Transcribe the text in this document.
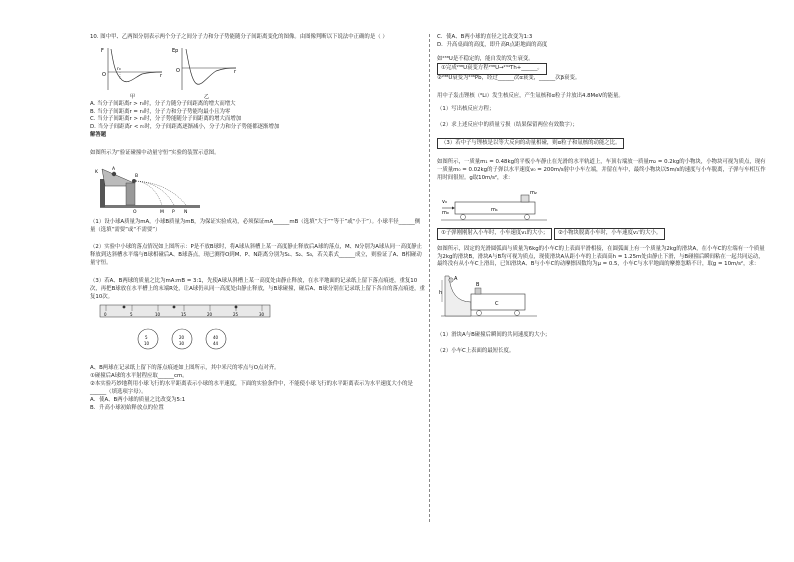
10. 图中甲、乙两图分别表示两个分子之间分子力和分子势能随分子间距离变化的图像。由图像判断以下说法中正确的是（ ）

F
O
r₀
r
甲
Ep
O	r
乙

A. 当分子间距离r > r₀时，分子力随分子间距离的增大而增大

B. 当分子间距离r = r₀时，分子力和分子势能均最小且为零

C. 当分子间距离r > r₀时，分子势能随分子间距离的增大而增加

D. 当分子间距离r < r₀时，分子间距离逐渐减小，分子力和分子势能都逐渐增加

解答题

如图所示为“验证碰撞中动量守恒”实验的装置示意图。

K
A
B
O	M P N

（1）设小球A质量为mA，小球B质量为mB，为保证实验成功，必须保证mA______mB（选填“大于”“等于”或“小于”）。小球半径______侧量（选填“需要”或“不需要”）

（2）实验中小球的落点情况如上图所示：P是不放B球时，将A球从斜槽上某一高度静止释放后A球的落点，M、N分别为A球从同一高度静止释放到达斜槽水平端与B球相碰后A、B球落点，现已测得O到M、P、N距离分别为S₁、S₂、S₃，若关系式______成立，则验证了A、B相碰动量守恒。

（3）若A、B两球的质量之比为mA:mB = 3:1，先使A球从斜槽上某一高度处由静止释放，在水平地面的记录纸上留下落点痕迹，重复10次，再把B球放在水平槽上的末端R处，让A球仍从同一高度处由静止释放，与B球碰撞，碰后A、B球分别在记录纸上留下各自的落点痕迹，重复10次。

0	5	10	15	20	25	30
5
10
20
30
40
44

A、B两球在记录纸上留下的落点痕迹如上图所示，其中米尺的零点与O点对齐。

①碰撞后A球的水平射程应取______cm。

②本实验巧妙地利用小球飞行的水平距离表示小球的水平速度，下面的实验条件中，不能使小球飞行的水平距离表示为水平速度大小的是______（填选项字母）。

A．使A、B两小球的质量之比改变为5:1

B．升高小球初始释放点的位置

C．使A、B两小球的直径之比改变为1:3

D．升高桌面的高度，即升高R点距地面的高度

如²³⁸U是不稳定的，能自发的发生衰变。

①完成²³⁸U衰变方程²³⁸U→²³⁴Th+______。

②²³⁸U衰变为²⁰⁶Pb，经过______次α衰变，______次β衰变。

用中子轰击锂核（⁶Li）发生核反应，产生氚核和α粒子并放出4.8MeV的能量。

（1）写出核反应方程；

（2）求上述反应中的质量亏损（结果保留两位有效数字）；

（3）若中子与锂核是以等大反向的动量相碰，则α粒子和氚核的动能之比。

如图所示，一质量m₁ = 0.48kg的平板小车静止在光滑的水平轨道上，车顶右端放一质量m₂ = 0.2kg的小物块，小物块可视为质点，现有一质量m₀ = 0.02kg的子弹以水平速度v₀ = 200m/s射中小车左端，并留在车中，最终小物块以5m/s的速度与小车脱离，子弹与车相互作用时间很短。g取10m/s²，求：

v₀
m₀	m₁
m₂

①子弹刚刚射入小车时，小车速度v₁的大小；

②小物块脱离小车时，小车速度v₁'的大小。

如图所示，固定的光滑圆弧面与质量为6kg的小车C的上表面平滑相接，在圆弧面上有一个质量为2kg的滑块A，在小车C的左端有一个质量为2kg的滑块B，滑块A与B均可视为质点，现使滑块A从距小车的上表面高h = 1.25m处由静止下滑，与B碰撞后瞬间粘在一起共同运动，最终没有从小车C上滑出，已知滑块A、B与小车C的动摩擦因数均为μ = 0.5，小车C与水平地面的摩擦忽略不计，取g = 10m/s²，求：

A
B
C
h

（1）滑块A与B碰撞后瞬间的共同速度的大小；

（2）小车C上表面的最短长度。
